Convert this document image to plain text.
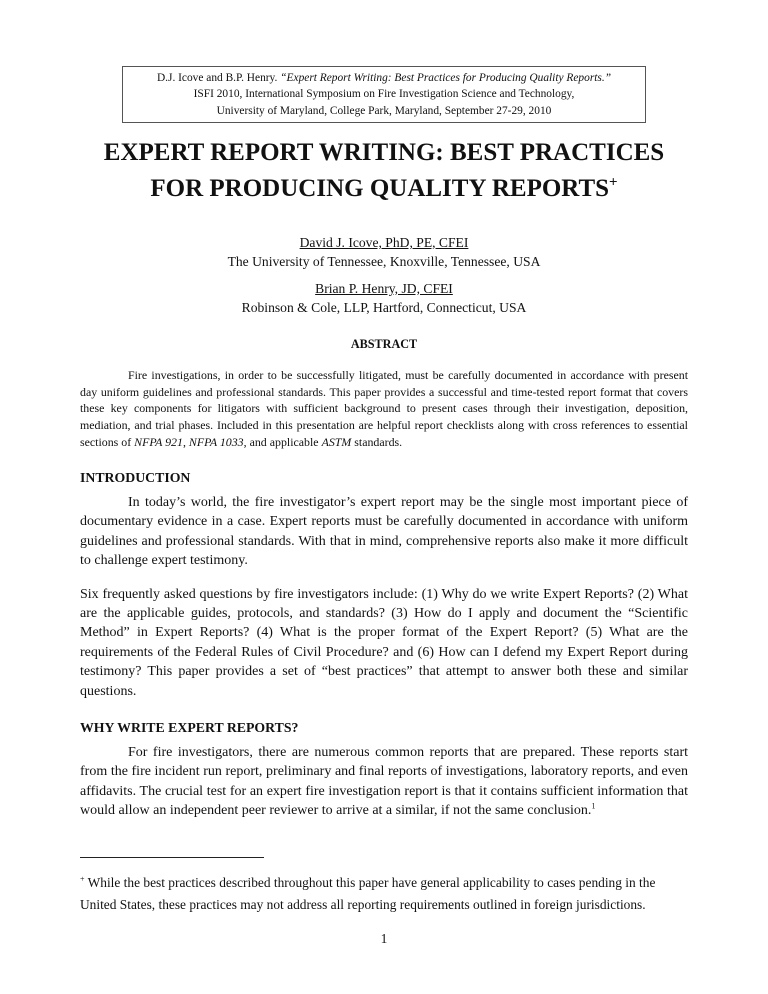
D.J. Icove and B.P. Henry. “Expert Report Writing: Best Practices for Producing Quality Reports.”
ISFI 2010, International Symposium on Fire Investigation Science and Technology,
University of Maryland, College Park, Maryland, September 27-29, 2010
EXPERT REPORT WRITING: BEST PRACTICES
FOR PRODUCING QUALITY REPORTS+
David J. Icove, PhD, PE, CFEI
The University of Tennessee, Knoxville, Tennessee, USA
Brian P. Henry, JD, CFEI
Robinson & Cole, LLP, Hartford, Connecticut, USA
ABSTRACT
Fire investigations, in order to be successfully litigated, must be carefully documented in accordance with present day uniform guidelines and professional standards. This paper provides a successful and time-tested report format that covers these key components for litigators with sufficient background to present cases through their investigation, deposition, mediation, and trial phases. Included in this presentation are helpful report checklists along with cross references to essential sections of NFPA 921, NFPA 1033, and applicable ASTM standards.
INTRODUCTION
In today’s world, the fire investigator’s expert report may be the single most important piece of documentary evidence in a case. Expert reports must be carefully documented in accordance with uniform guidelines and professional standards. With that in mind, comprehensive reports also make it more difficult to challenge expert testimony.
Six frequently asked questions by fire investigators include: (1) Why do we write Expert Reports? (2) What are the applicable guides, protocols, and standards? (3) How do I apply and document the “Scientific Method” in Expert Reports? (4) What is the proper format of the Expert Report? (5) What are the requirements of the Federal Rules of Civil Procedure? and (6) How can I defend my Expert Report during testimony? This paper provides a set of “best practices” that attempt to answer both these and similar questions.
WHY WRITE EXPERT REPORTS?
For fire investigators, there are numerous common reports that are prepared. These reports start from the fire incident run report, preliminary and final reports of investigations, laboratory reports, and even affidavits. The crucial test for an expert fire investigation report is that it contains sufficient information that would allow an independent peer reviewer to arrive at a similar, if not the same conclusion.$^1$
+ While the best practices described throughout this paper have general applicability to cases pending in the United States, these practices may not address all reporting requirements outlined in foreign jurisdictions.
1
